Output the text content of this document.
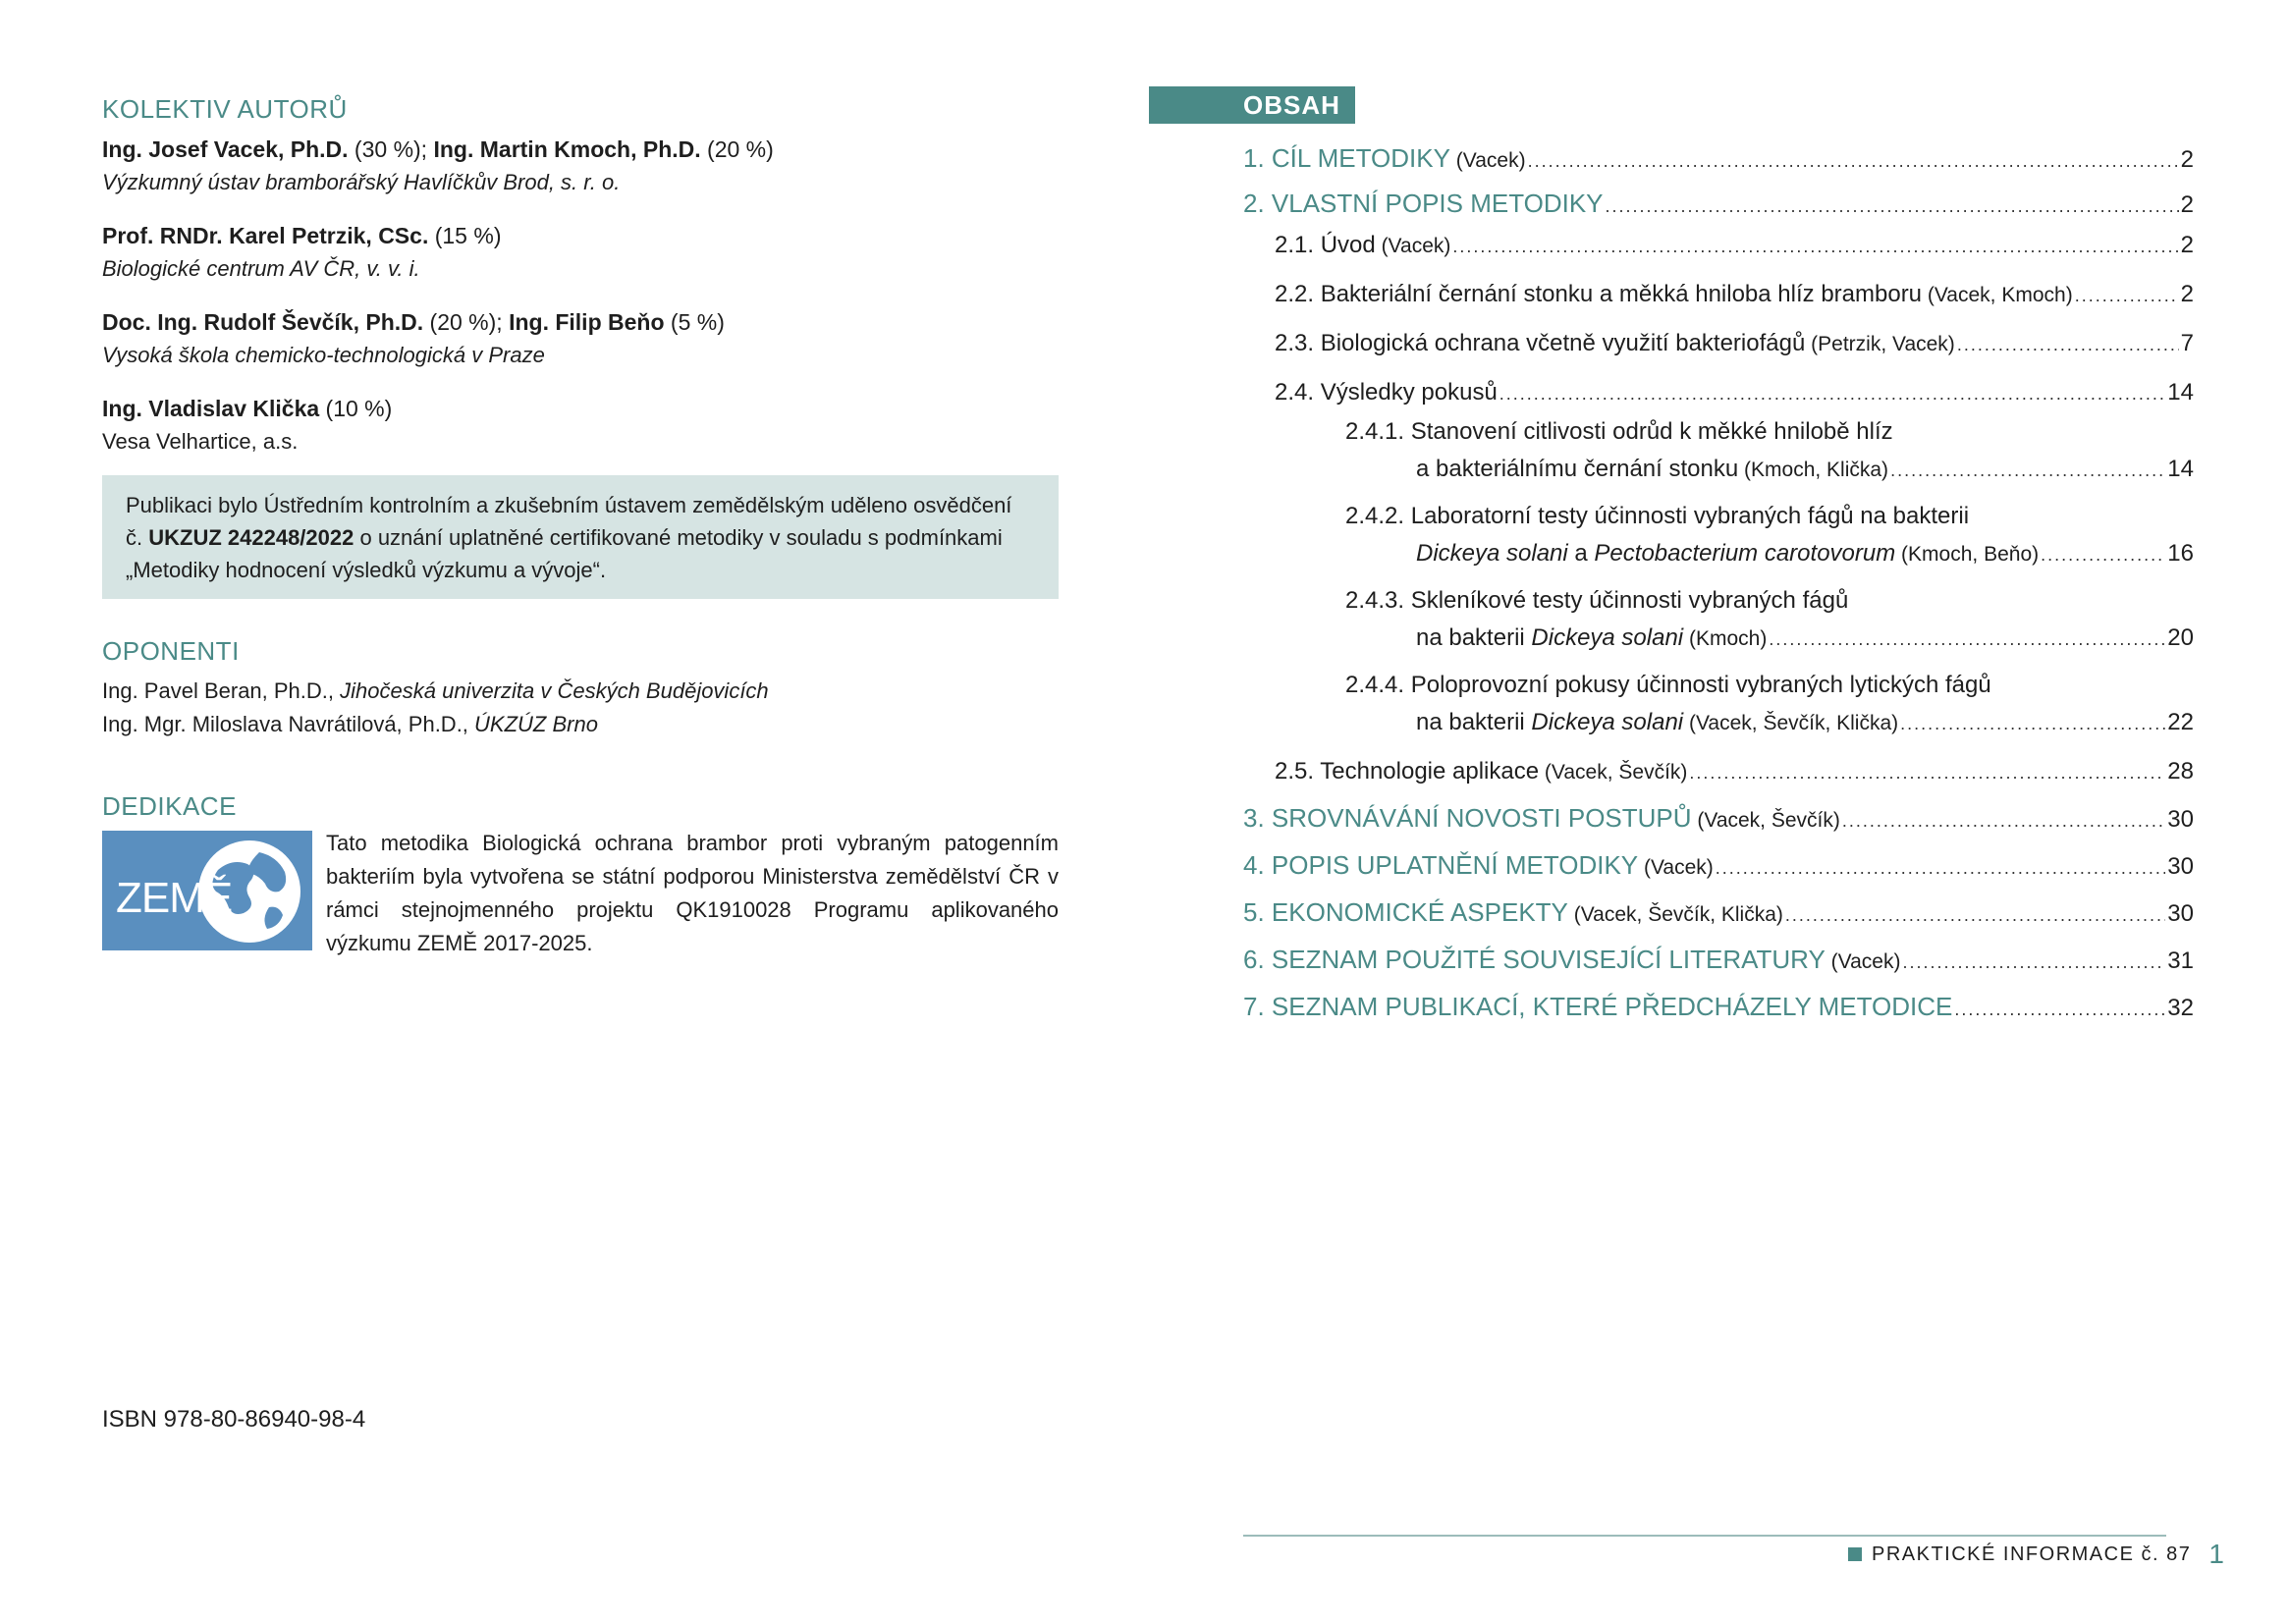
KOLEKTIV AUTORŮ
Ing. Josef Vacek, Ph.D. (30 %); Ing. Martin Kmoch, Ph.D. (20 %)
Výzkumný ústav bramborářský Havlíčkův Brod, s. r. o.
Prof. RNDr. Karel Petrzik, CSc. (15 %)
Biologické centrum AV ČR, v. v. i.
Doc. Ing. Rudolf Ševčík, Ph.D. (20 %); Ing. Filip Beňo (5 %)
Vysoká škola chemicko-technologická v Praze
Ing. Vladislav Klička (10 %)
Vesa Velhartice, a.s.
Publikaci bylo Ústředním kontrolním a zkušebním ústavem zemědělským uděleno osvědčení
č. UKZUZ 242248/2022 o uznání uplatněné certifikované metodiky v souladu s podmínkami
„Metodiky hodnocení výsledků výzkumu a vývoje“.
OPONENTI
Ing. Pavel Beran, Ph.D., Jihočeská univerzita v Českých Budějovicích
Ing. Mgr. Miloslava Navrátilová, Ph.D., ÚKZÚZ Brno
DEDIKACE
ZEMĚ
Tato metodika Biologická ochrana brambor proti vybraným patogenním bakteriím byla vytvořena se státní podporou Ministerstva zemědělství ČR v rámci stejnojmenného projektu QK1910028 Programu aplikovaného výzkumu ZEMĚ 2017-2025.
ISBN 978-80-86940-98-4
OBSAH
1. CÍL METODIKY (Vacek) .....	2
2. VLASTNÍ POPIS METODIKY .....	2
2.1. Úvod (Vacek) .....	2
2.2. Bakteriální černání stonku a měkká hniloba hlíz bramboru (Vacek, Kmoch) .....	2
2.3. Biologická ochrana včetně využití bakteriofágů (Petrzik, Vacek) .....	7
2.4. Výsledky pokusů .....	14
2.4.1. Stanovení citlivosti odrůd k měkké hnilobě hlíz
a bakteriálnímu černání stonku (Kmoch, Klička) .....	14
2.4.2. Laboratorní testy účinnosti vybraných fágů na bakterii
Dickeya solani a Pectobacterium carotovorum (Kmoch, Beňo) .....	16
2.4.3. Skleníkové testy účinnosti vybraných fágů
na bakterii Dickeya solani (Kmoch) .....	20
2.4.4. Poloprovozní pokusy účinnosti vybraných lytických fágů
na bakterii Dickeya solani (Vacek, Ševčík, Klička) .....	22
2.5. Technologie aplikace (Vacek, Ševčík) .....	28
3. SROVNÁVÁNÍ NOVOSTI POSTUPŮ (Vacek, Ševčík) .....	30
4. POPIS UPLATNĚNÍ METODIKY (Vacek) .....	30
5. EKONOMICKÉ ASPEKTY (Vacek, Ševčík, Klička) .....	30
6. SEZNAM POUŽITÉ SOUVISEJÍCÍ LITERATURY (Vacek) .....	31
7. SEZNAM PUBLIKACÍ, KTERÉ PŘEDCHÁZELY METODICE .....	32
PRAKTICKÉ INFORMACE č. 87 1
